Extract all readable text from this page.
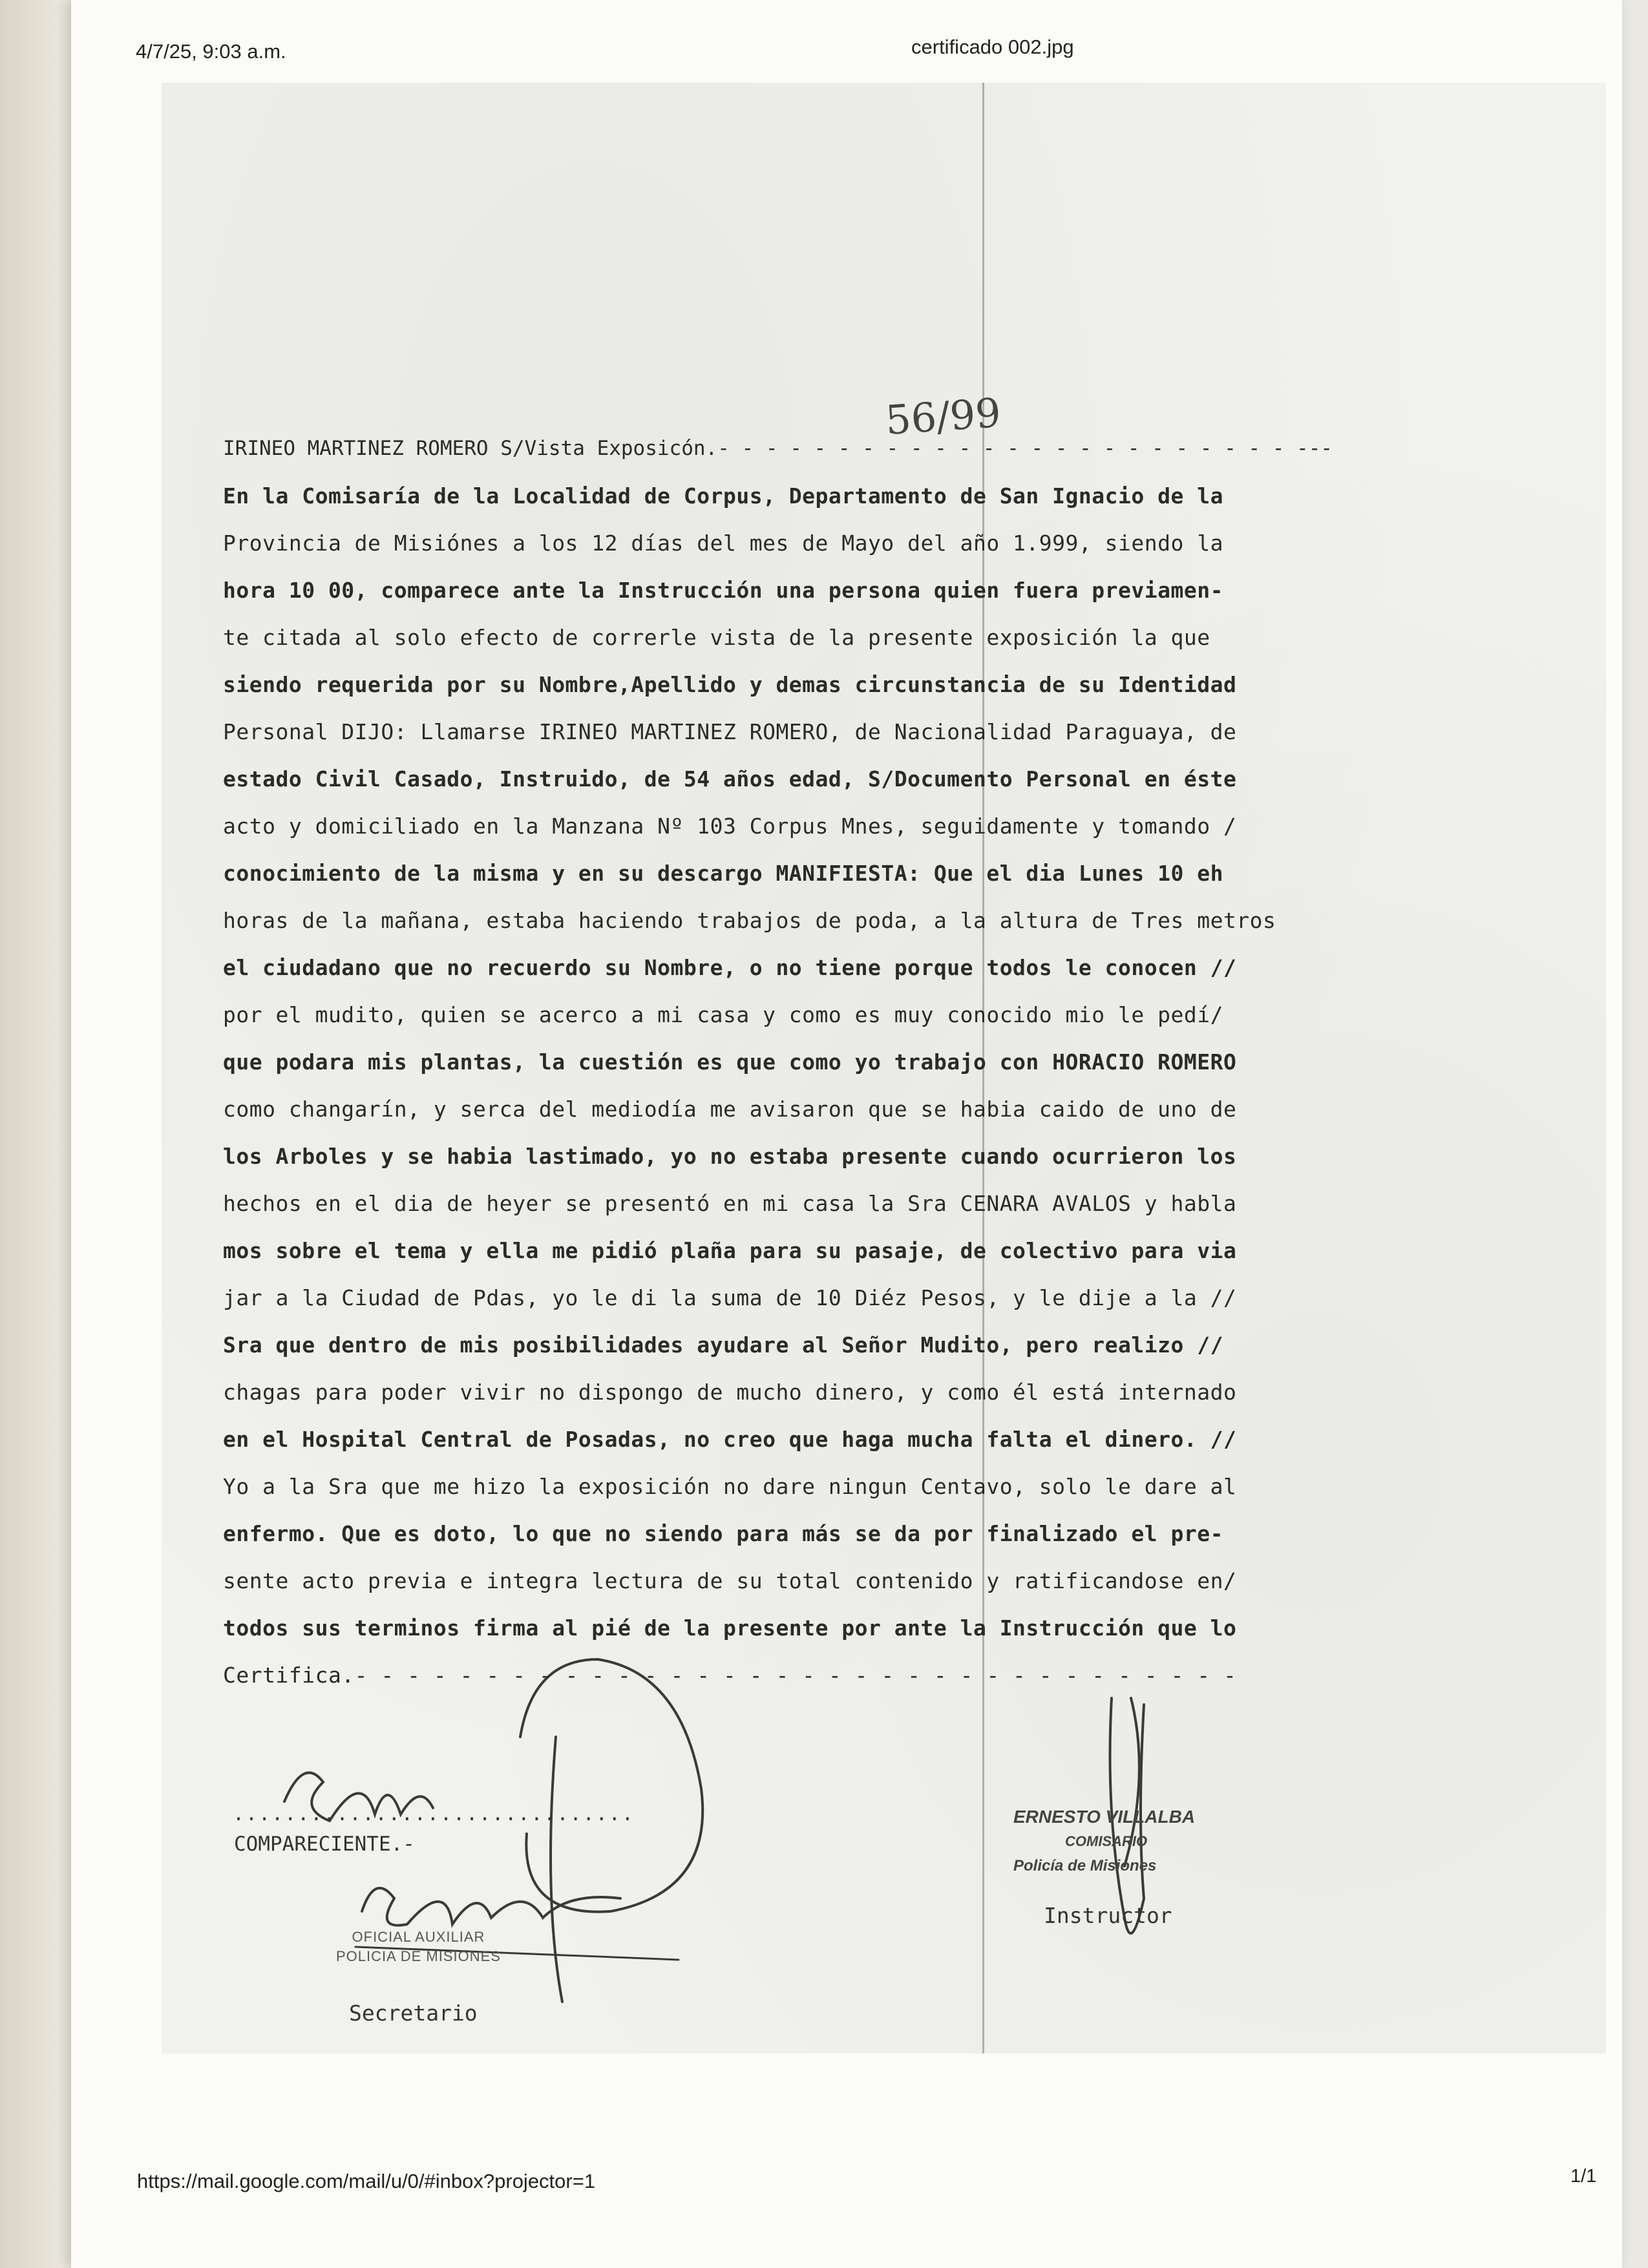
4/7/25, 9:03 a.m.	certificado 002.jpg
56/99
IRINEO MARTINEZ ROMERO S/Vista Exposicón.- - - - - - - - - - - - - - - - - - - - - - - - ---
En la Comisaría de la Localidad de Corpus, Departamento de San Ignacio de la
Provincia de Misiónes a los 12 días del mes de Mayo del año 1.999, siendo la
hora 10 00, comparece ante la Instrucción una persona quien fuera previamen-
te citada al solo efecto de correrle vista de la presente exposición la que
siendo requerida por su Nombre,Apellido y demas circunstancia de su Identidad
Personal DIJO: Llamarse IRINEO MARTINEZ ROMERO, de Nacionalidad Paraguaya, de
estado Civil Casado, Instruido, de 54 años edad, S/Documento Personal en éste
acto y domiciliado en la Manzana Nº 103 Corpus Mnes, seguidamente y tomando /
conocimiento de la misma y en su descargo MANIFIESTA: Que el dia Lunes 10 eh
horas de la mañana, estaba haciendo trabajos de poda, a la altura de Tres metros
el ciudadano que no recuerdo su Nombre, o no tiene porque todos le conocen //
por el mudito, quien se acerco a mi casa y como es muy conocido mio le pedí/
que podara mis plantas, la cuestión es que como yo trabajo con HORACIO ROMERO
como changarín, y serca del mediodía me avisaron que se habia caido de uno de
los Arboles y se habia lastimado, yo no estaba presente cuando ocurrieron los
hechos en el dia de heyer se presentó en mi casa la Sra CENARA AVALOS y habla
mos sobre el tema y ella me pidió plaña para su pasaje, de colectivo para via
jar a la Ciudad de Pdas, yo le di la suma de 10 Diéz Pesos, y le dije a la //
Sra que dentro de mis posibilidades ayudare al Señor Mudito, pero realizo //
chagas para poder vivir no dispongo de mucho dinero, y como él está internado
en el Hospital Central de Posadas, no creo que haga mucha falta el dinero. //
Yo a la Sra que me hizo la exposición no dare ningun Centavo, solo le dare al
enfermo. Que es doto, lo que no siendo para más se da por finalizado el pre-
sente acto previa e integra lectura de su total contenido y ratificandose en/
todos sus terminos firma al pié de la presente por ante la Instrucción que lo
Certifica.- - - - - - - - - - - - - - - - - - - - - - - - - - - - - - - - - -
...............................
COMPARECIENTE.-
OFICIAL AUXILIAR
POLICIA DE MISIONES
Secretario
ERNESTO VILLALBA
COMISARIO
Policía de Misiones
Instructor
https://mail.google.com/mail/u/0/#inbox?projector=1	1/1
